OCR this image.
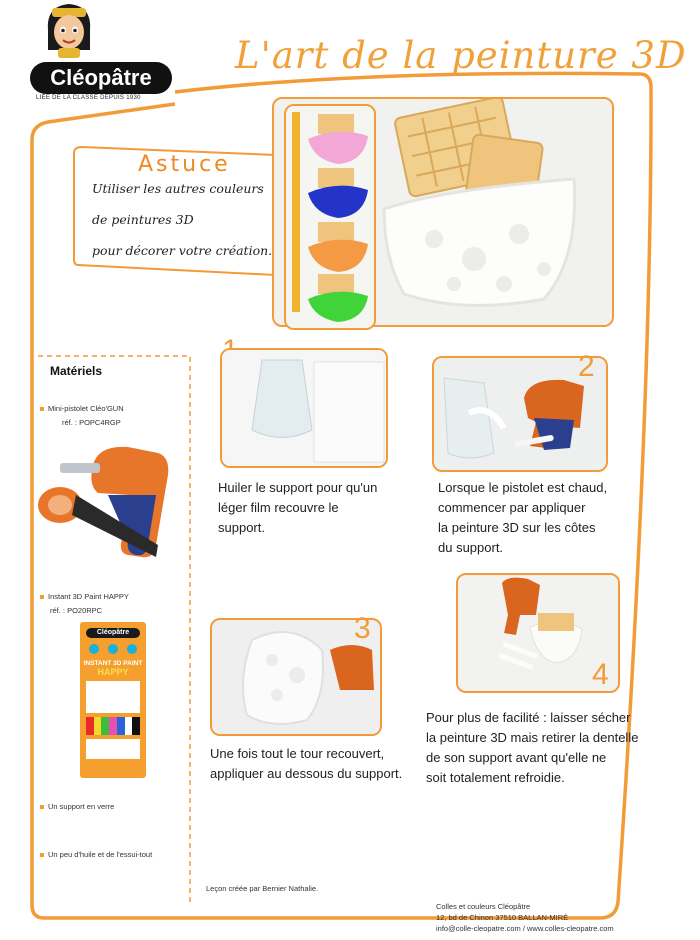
Cléopâtre
LIÉE DE LA CLASSE DEPUIS 1930
L'art de la peinture 3D
Astuce
Utiliser les autres couleurs
de peintures 3D
pour décorer votre création.
Matériels
Mini-pistolet Cléo'GUN
réf. : POPC4RGP
Instant 3D Paint HAPPY
réf. : PO20RPC
Cléopâtre
INSTANT 3D PAINT
HAPPY
Un support en verre
Un peu d'huile et de l'essui-tout
Huiler le support pour qu'un
léger film recouvre le
support.
2
Lorsque le pistolet est chaud,
commencer par appliquer
la peinture 3D sur les côtes
du support.
3
Une fois tout le tour recouvert,
appliquer au dessous du support.
4
Pour plus de facilité : laisser sécher
la peinture 3D mais retirer la dentelle
de son support avant qu'elle ne
soit totalement refroidie.
Leçon créée par Bernier Nathalie.
Colles et couleurs Cléopâtre
12, bd de Chinon 37510 BALLAN-MIRÉ
info@colle-cleopatre.com / www.colles-cleopatre.com
